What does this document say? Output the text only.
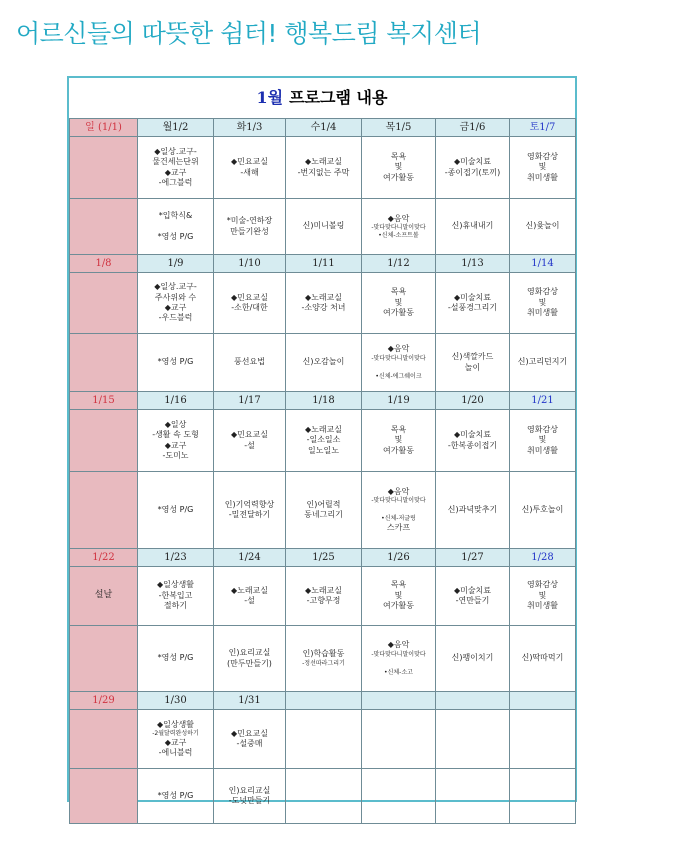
어르신들의 따뜻한 쉼터! 행복드림 복지센터
1월 프로그램 내용
일 (1/1)	월1/2	화1/3	수1/4	목1/5	금1/6	토1/7

	◆일상.교구-
물건세는단위
◆교구
-에그블럭	◆민요교실
-새해	◆노래교실
-번지없는 주막	목욕
및
여가활동	◆미술치료
-종이접기(토끼)	영화감상
및
취미생활

	*입학식&

*영성 P/G	*미술-연하장
만들기완성	신)미니볼링	◆음악
-맞다맞다니말이맞다
•신체-소프트볼	신)휴내내기	신)윷놀이

1/8	1/9	1/10	1/11	1/12	1/13	1/14

	◆일상.교구-
주사위와 수
◆교구
-우드블럭	◆민요교실
-소한/대한	◆노래교실
-소양강 처녀	목욕
및
여가활동	◆미술치료
-설풍경그리기	영화감상
및
취미생활

	*영성 P/G	풍선요법	신)오감놀이	◆음악
-맞다맞다니말이맞다

•신체-에그쉐이크	신)색깔카드
놀이	신)고리던지기

1/15	1/16	1/17	1/18	1/19	1/20	1/21

	◆일상
-생활 속 도형
◆교구
-도미노	◆민요교실
-설	◆노래교실
-일소일소
일노일노	목욕
및
여가활동	◆미술치료
-한복종이접기	영화감상
및
취미생활

	*영성 P/G	인)기억력향상
-밀전달하기	인)어릴적
동네그리기	◆음악
-맞다맞다니말이맞다

•신체-저글링
스카프	신)과녁맞추기	신)투호놀이

1/22	1/23	1/24	1/25	1/26	1/27	1/28

설날	◆일상생활
-한복입고
절하기	◆노래교실
-설	◆노래교실
-고향무정	목욕
및
여가활동	◆미술치료
-연만들기	영화감상
및
취미생활

	*영성 P/G	인)요리교실
(만두만들기)	인)학습활동
-정선따라그리기	◆음악
-맞다맞다니말이맞다

•신체-소고	신)팽이치기	신)딱따먹기

1/29	1/30	1/31				

	◆일상생활
-2월달력완성하기
◆교구
-에니블럭	◆민요교실
-설중매				

	*영성 P/G	인)요리교실
-도넛만들기				
